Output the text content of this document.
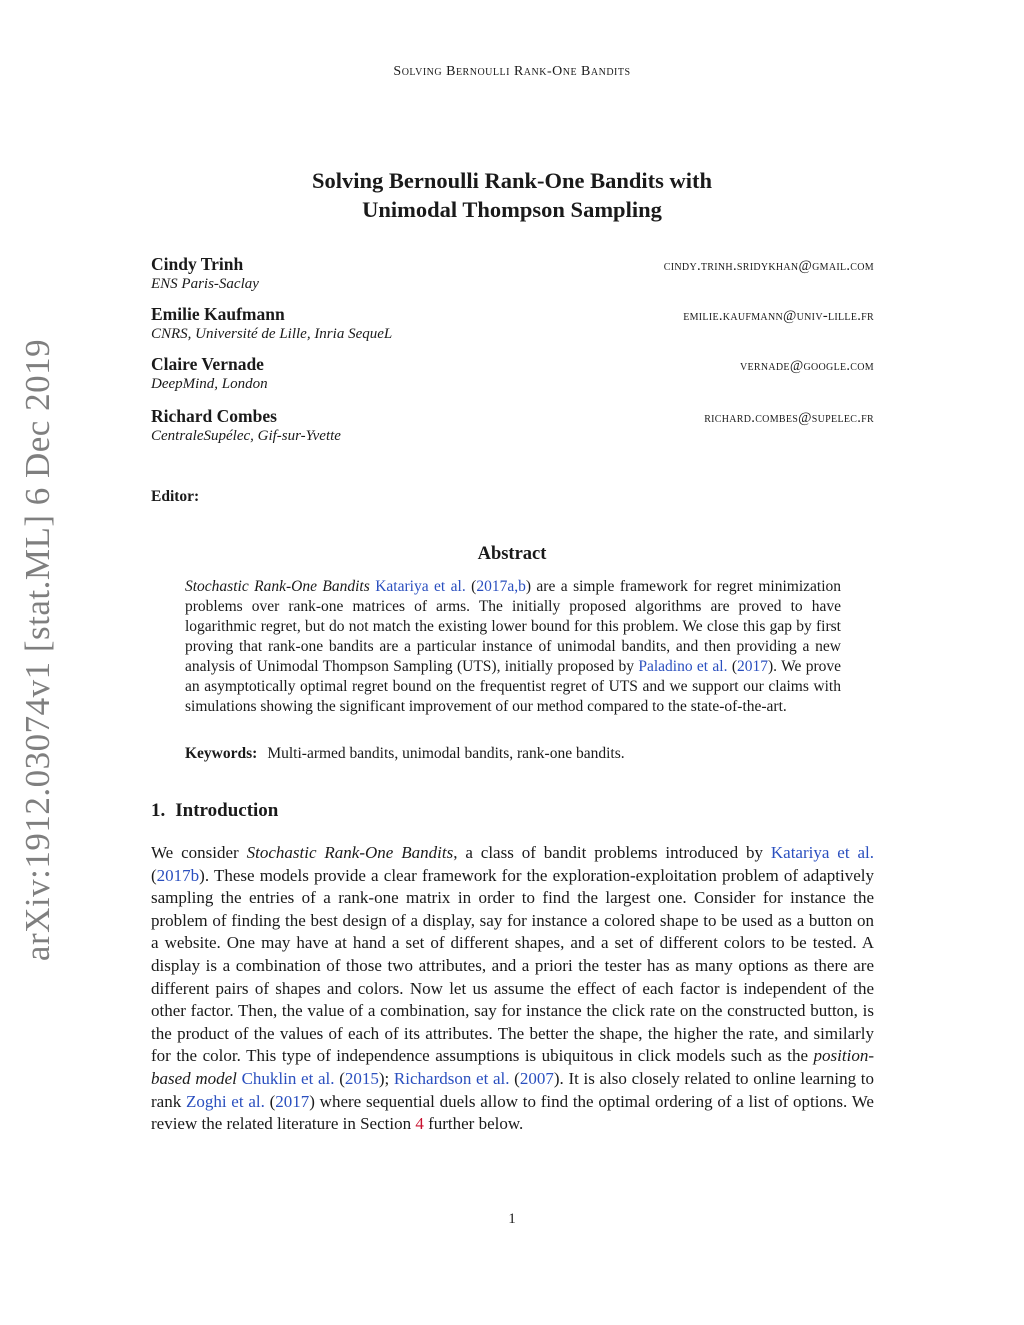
Solving Bernoulli Rank-One Bandits
Solving Bernoulli Rank-One Bandits with
Unimodal Thompson Sampling
Cindy Trinh	cindy.trinh.sridykhan@gmail.com
ENS Paris-Saclay
Emilie Kaufmann	emilie.kaufmann@univ-lille.fr
CNRS, Université de Lille, Inria SequeL
Claire Vernade	vernade@google.com
DeepMind, London
Richard Combes	richard.combes@supelec.fr
CentraleSupélec, Gif-sur-Yvette
Editor:
Abstract
Stochastic Rank-One Bandits Katariya et al. (2017a,b) are a simple framework for regret minimization problems over rank-one matrices of arms. The initially proposed algorithms are proved to have logarithmic regret, but do not match the existing lower bound for this problem. We close this gap by first proving that rank-one bandits are a particular instance of unimodal bandits, and then providing a new analysis of Unimodal Thompson Sampling (UTS), initially proposed by Paladino et al. (2017). We prove an asymptotically optimal regret bound on the frequentist regret of UTS and we support our claims with simulations showing the significant improvement of our method compared to the state-of-the-art.
Keywords: Multi-armed bandits, unimodal bandits, rank-one bandits.
1. Introduction
We consider Stochastic Rank-One Bandits, a class of bandit problems introduced by Katariya et al. (2017b). These models provide a clear framework for the exploration-exploitation problem of adaptively sampling the entries of a rank-one matrix in order to find the largest one. Consider for instance the problem of finding the best design of a display, say for instance a colored shape to be used as a button on a website. One may have at hand a set of different shapes, and a set of different colors to be tested. A display is a combination of those two attributes, and a priori the tester has as many options as there are different pairs of shapes and colors. Now let us assume the effect of each factor is independent of the other factor. Then, the value of a combination, say for instance the click rate on the constructed button, is the product of the values of each of its attributes. The better the shape, the higher the rate, and similarly for the color. This type of independence assumptions is ubiquitous in click models such as the position-based model Chuklin et al. (2015); Richardson et al. (2007). It is also closely related to online learning to rank Zoghi et al. (2017) where sequential duels allow to find the optimal ordering of a list of options. We review the related literature in Section 4 further below.
1
arXiv:1912.03074v1 [stat.ML] 6 Dec 2019
